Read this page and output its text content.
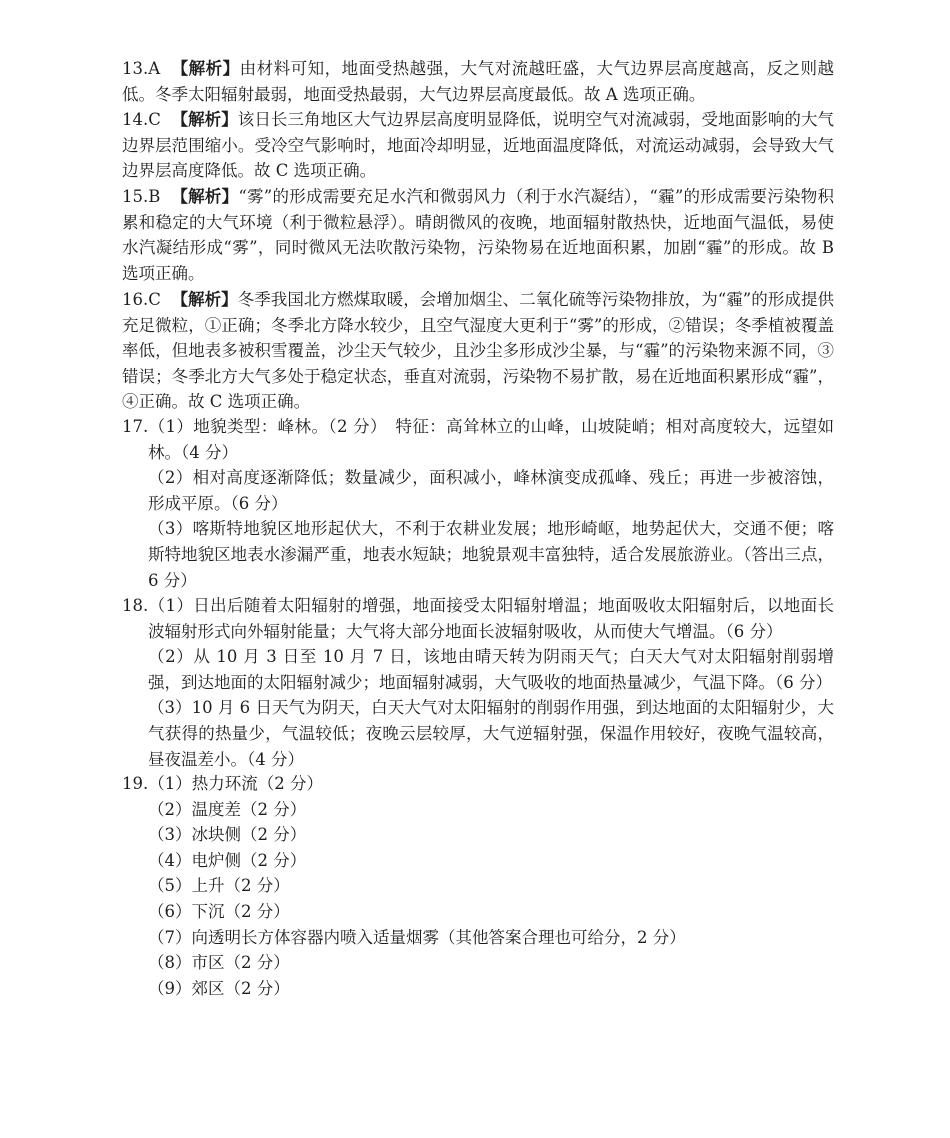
13.A 【解析】由材料可知，地面受热越强，大气对流越旺盛，大气边界层高度越高，反之则越低。冬季太阳辐射最弱，地面受热最弱，大气边界层高度最低。故 A 选项正确。

14.C 【解析】该日长三角地区大气边界层高度明显降低，说明空气对流减弱，受地面影响的大气边界层范围缩小。受冷空气影响时，地面冷却明显，近地面温度降低，对流运动减弱，会导致大气边界层高度降低。故 C 选项正确。

15.B 【解析】“雾”的形成需要充足水汽和微弱风力（利于水汽凝结），“霾”的形成需要污染物积累和稳定的大气环境（利于微粒悬浮）。晴朗微风的夜晚，地面辐射散热快，近地面气温低，易使水汽凝结形成“雾”，同时微风无法吹散污染物，污染物易在近地面积累，加剧“霾”的形成。故 B 选项正确。

16.C 【解析】冬季我国北方燃煤取暖，会增加烟尘、二氧化硫等污染物排放，为“霾”的形成提供充足微粒，①正确；冬季北方降水较少，且空气湿度大更利于“雾”的形成，②错误；冬季植被覆盖率低，但地表多被积雪覆盖，沙尘天气较少，且沙尘多形成沙尘暴，与“霾”的污染物来源不同，③错误；冬季北方大气多处于稳定状态，垂直对流弱，污染物不易扩散，易在近地面积累形成“霾”，④正确。故 C 选项正确。

17.（1）地貌类型：峰林。（2 分）　特征：高耸林立的山峰，山坡陡峭；相对高度较大，远望如林。（4 分）

（2）相对高度逐渐降低；数量减少，面积减小，峰林演变成孤峰、残丘；再进一步被溶蚀，形成平原。（6 分）

（3）喀斯特地貌区地形起伏大，不利于农耕业发展；地形崎岖，地势起伏大，交通不便；喀斯特地貌区地表水渗漏严重，地表水短缺；地貌景观丰富独特，适合发展旅游业。（答出三点，6 分）

18.（1）日出后随着太阳辐射的增强，地面接受太阳辐射增温；地面吸收太阳辐射后，以地面长波辐射形式向外辐射能量；大气将大部分地面长波辐射吸收，从而使大气增温。（6 分）

（2）从 10 月 3 日至 10 月 7 日，该地由晴天转为阴雨天气；白天大气对太阳辐射削弱增强，到达地面的太阳辐射减少；地面辐射减弱，大气吸收的地面热量减少，气温下降。（6 分）

（3）10 月 6 日天气为阴天，白天大气对太阳辐射的削弱作用强，到达地面的太阳辐射少，大气获得的热量少，气温较低；夜晚云层较厚，大气逆辐射强，保温作用较好，夜晚气温较高，昼夜温差小。（4 分）

19.（1）热力环流（2 分）

（2）温度差（2 分）

（3）冰块侧（2 分）

（4）电炉侧（2 分）

（5）上升（2 分）

（6）下沉（2 分）

（7）向透明长方体容器内喷入适量烟雾（其他答案合理也可给分，2 分）

（8）市区（2 分）

（9）郊区（2 分）
